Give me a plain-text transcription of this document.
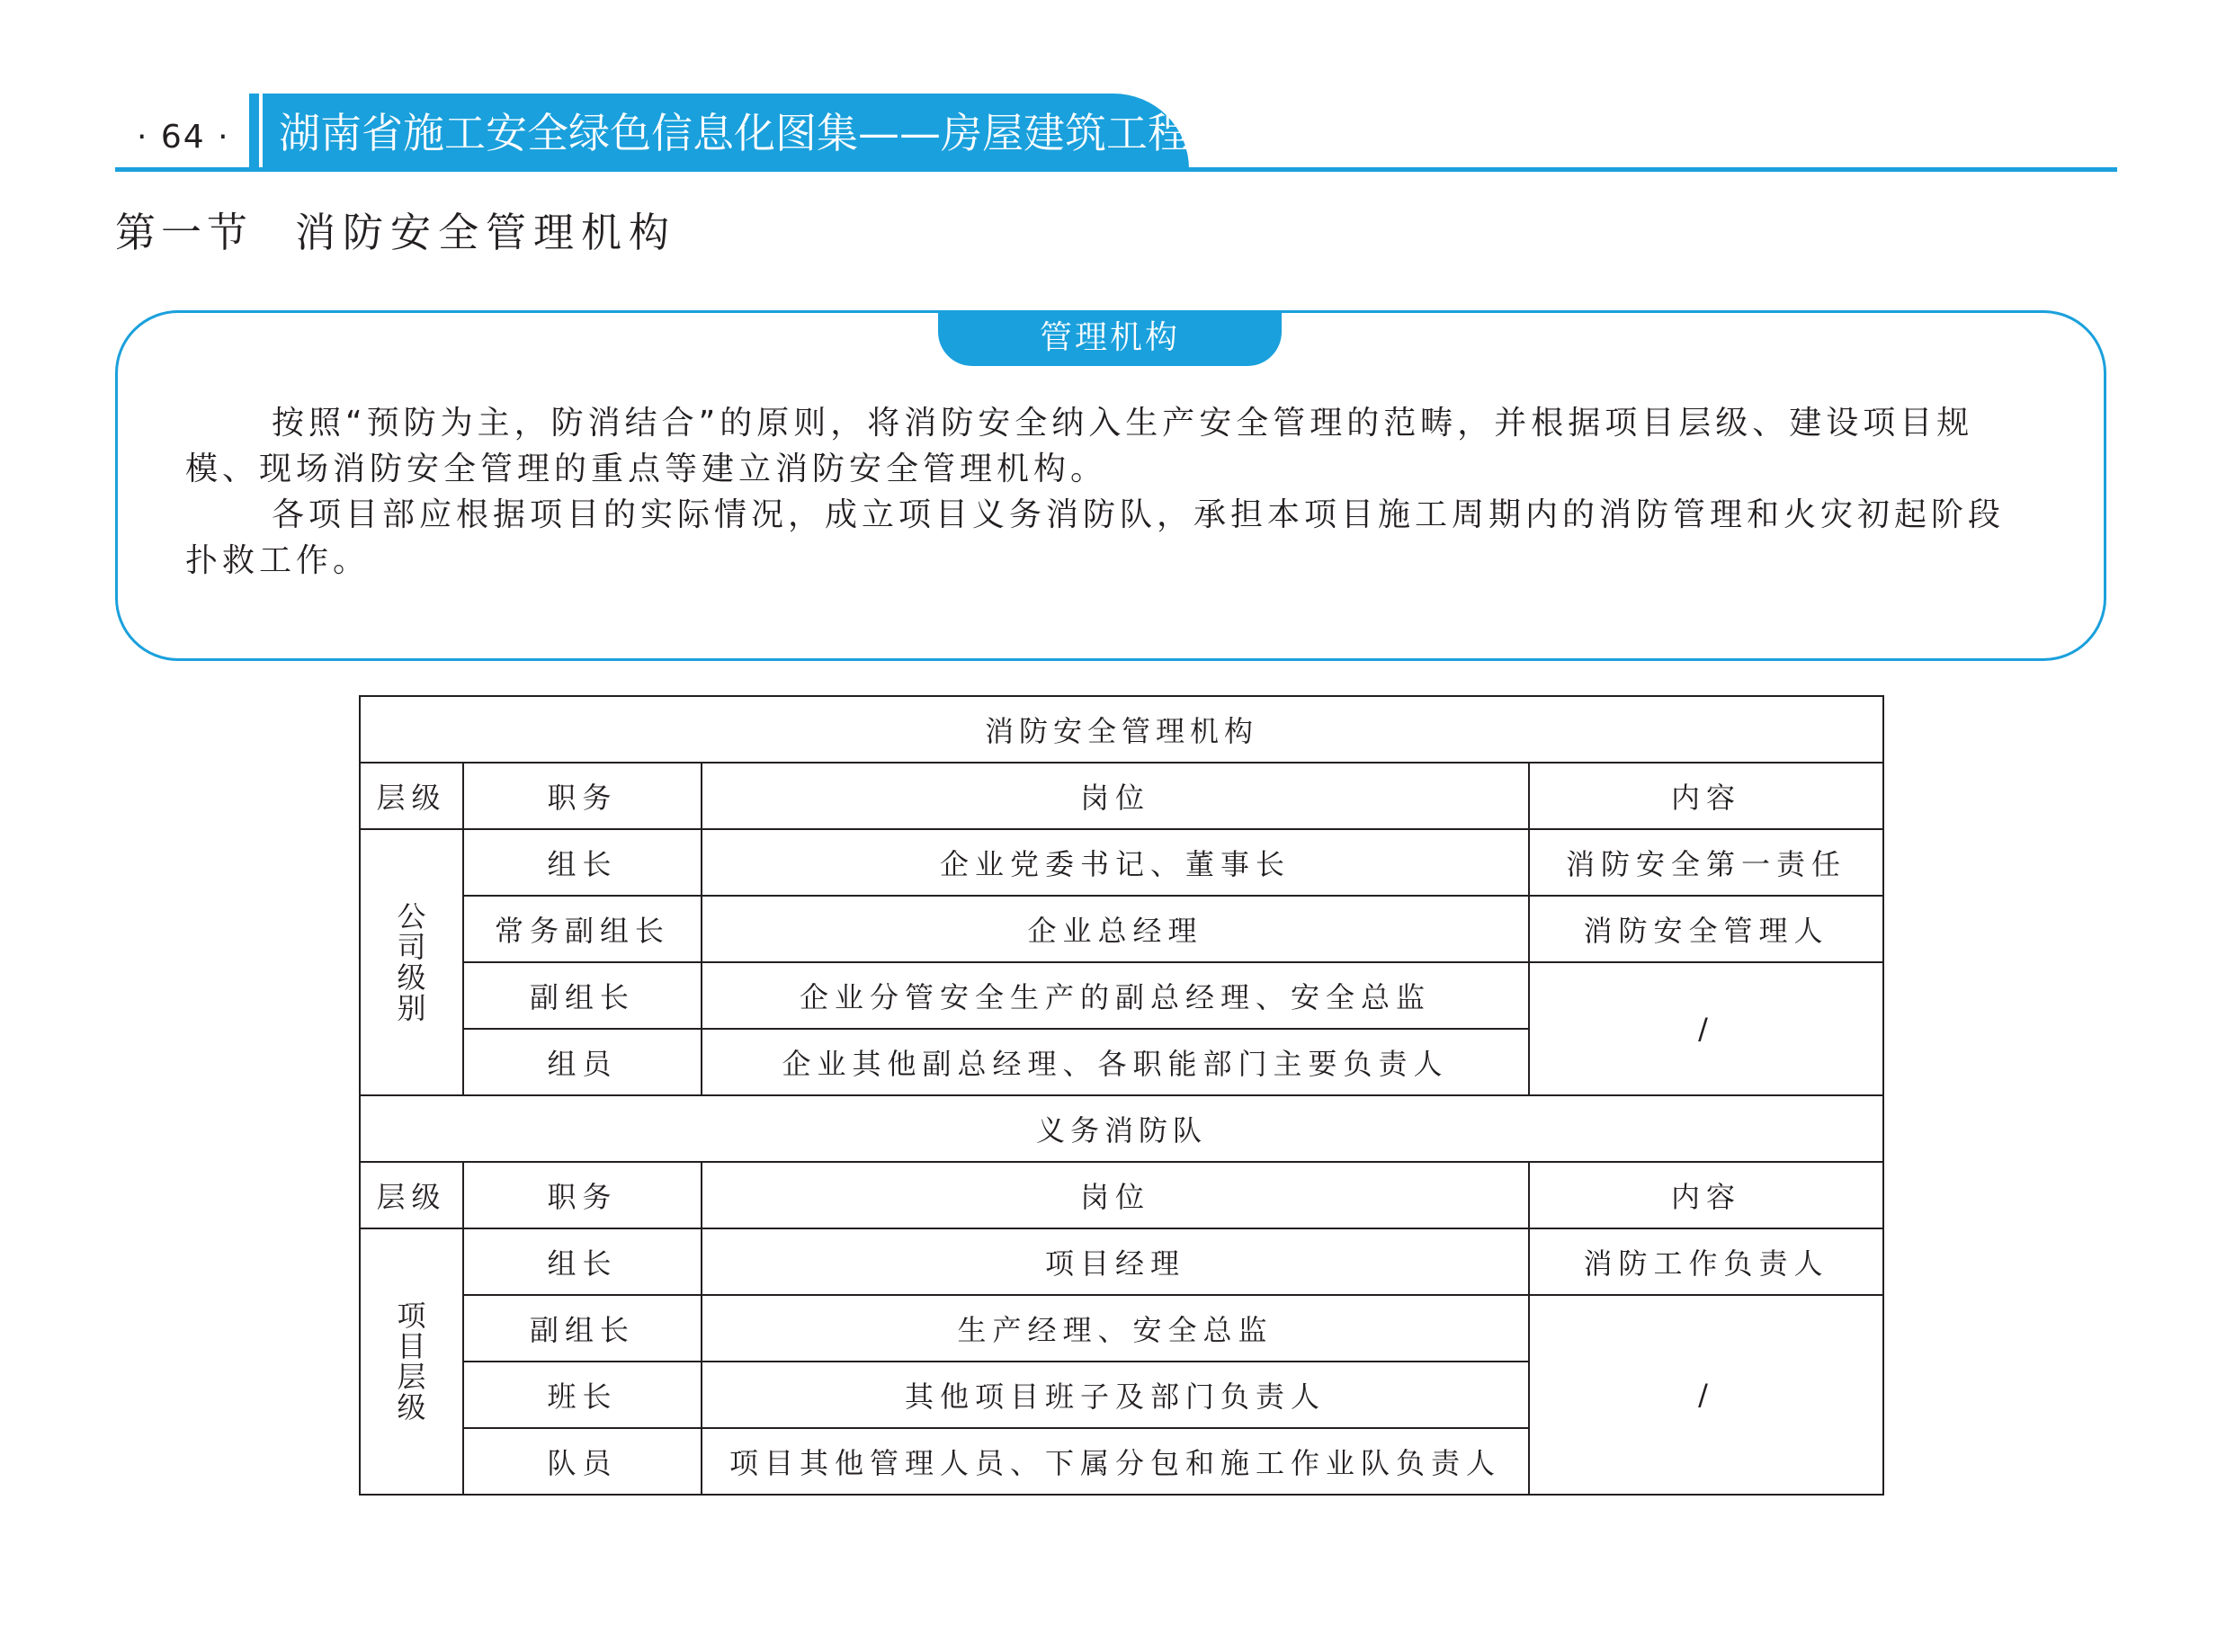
· 64 · 湖南省施工安全绿色信息化图集——房屋建筑工程
第一节 消防安全管理机构
管理机构

按照“预防为主，防消结合”的原则，将消防安全纳入生产安全管理的范畴，并根据项目层级、建设项目规模、现场消防安全管理的重点等建立消防安全管理机构。

各项目部应根据项目的实际情况，成立项目义务消防队，承担本项目施工周期内的消防管理和火灾初起阶段扑救工作。

消防安全管理机构			
层级	职务	岗位	内容
公司级别	组长	企业党委书记、董事长	消防安全第一责任
	常务副组长	企业总经理	消防安全管理人
	副组长	企业分管安全生产的副总经理、安全总监	/
	组员	企业其他副总经理、各职能部门主要负责人	
义务消防队			
层级	职务	岗位	内容
项目层级	组长	项目经理	消防工作负责人
	副组长	生产经理、安全总监	/
	班长	其他项目班子及部门负责人	
	队员	项目其他管理人员、下属分包和施工作业队负责人	
